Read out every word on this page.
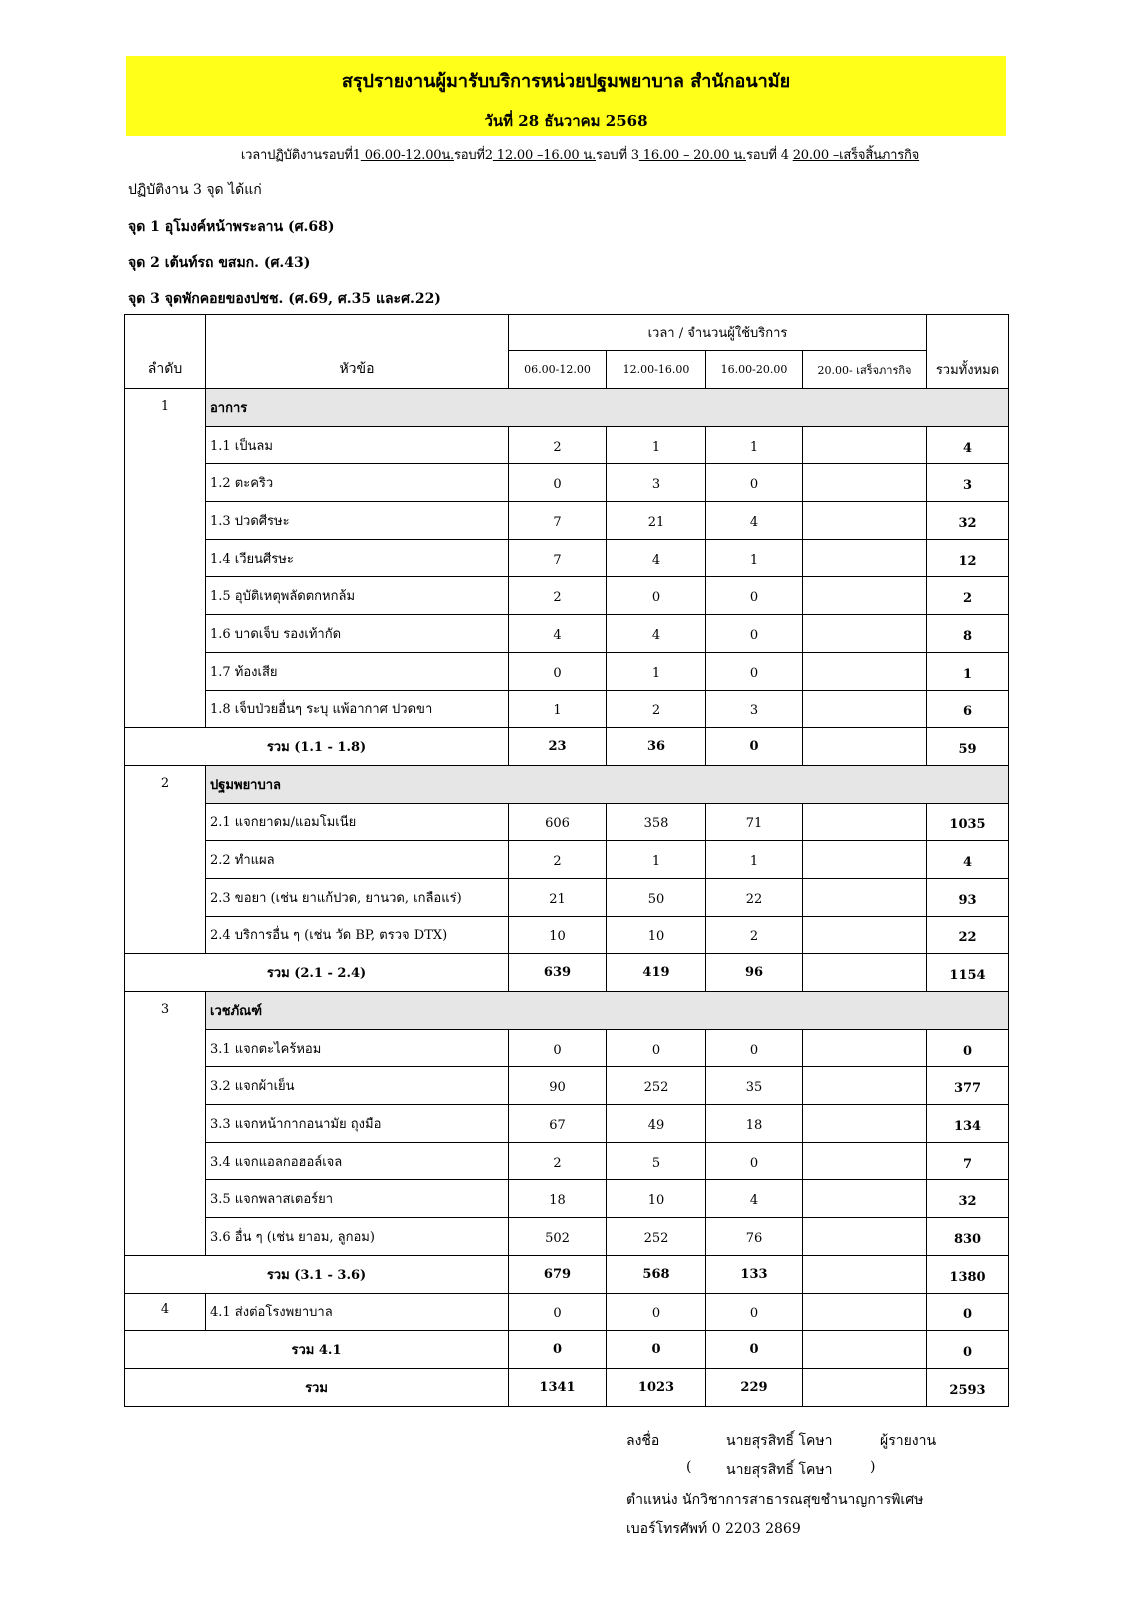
สรุปรายงานผู้มารับบริการหน่วยปฐมพยาบาล สำนักอนามัย
วันที่ 28 ธันวาคม 2568
เวลาปฏิบัติงานรอบที่1 06.00-12.00น.รอบที่2 12.00 –16.00 น.รอบที่ 3 16.00 – 20.00 น.รอบที่ 4 20.00 –เสร็จสิ้นภารกิจ
ปฏิบัติงาน 3 จุด ได้แก่
จุด 1 อุโมงค์หน้าพระลาน (ศ.68)
จุด 2 เต้นท์รถ ขสมก. (ศ.43)
จุด 3 จุดพักคอยของปชช. (ศ.69, ศ.35 และศ.22)
ลำดับ	หัวข้อ	เวลา / จำนวนผู้ใช้บริการ				รวมทั้งหมด
		06.00-12.00	12.00-16.00	16.00-20.00	20.00- เสร็จภารกิจ	
1	อาการ					
	1.1 เป็นลม	2	1	1		4
	1.2 ตะคริว	0	3	0		3
	1.3 ปวดศีรษะ	7	21	4		32
	1.4 เวียนศีรษะ	7	4	1		12
	1.5 อุบัติเหตุพลัดตกหกล้ม	2	0	0		2
	1.6 บาดเจ็บ รองเท้ากัด	4	4	0		8
	1.7 ท้องเสีย	0	1	0		1
	1.8 เจ็บป่วยอื่นๆ ระบุ แพ้อากาศ ปวดขา	1	2	3		6
รวม (1.1 - 1.8)		23	36	0		59
2	ปฐมพยาบาล					
	2.1 แจกยาดม/แอมโมเนีย	606	358	71		1035
	2.2 ทำแผล	2	1	1		4
	2.3 ขอยา (เช่น ยาแก้ปวด, ยานวด, เกลือแร่)	21	50	22		93
	2.4 บริการอื่น ๆ (เช่น วัด BP, ตรวจ DTX)	10	10	2		22
รวม (2.1 - 2.4)		639	419	96		1154
3	เวชภัณฑ์					
	3.1 แจกตะไคร้หอม	0	0	0		0
	3.2 แจกผ้าเย็น	90	252	35		377
	3.3 แจกหน้ากากอนามัย ถุงมือ	67	49	18		134
	3.4 แจกแอลกอฮอล์เจล	2	5	0		7
	3.5 แจกพลาสเตอร์ยา	18	10	4		32
	3.6 อื่น ๆ (เช่น ยาอม, ลูกอม)	502	252	76		830
รวม (3.1 - 3.6)		679	568	133		1380
4	4.1 ส่งต่อโรงพยาบาล	0	0	0		0
รวม 4.1		0	0	0		0
รวม		1341	1023	229		2593
ลงชื่อ	นายสุรสิทธิ์ โคษา	ผู้รายงาน
( นายสุรสิทธิ์ โคษา	)
ตำแหน่ง นักวิชาการสาธารณสุขชำนาญการพิเศษ
เบอร์โทรศัพท์ 0 2203 2869
